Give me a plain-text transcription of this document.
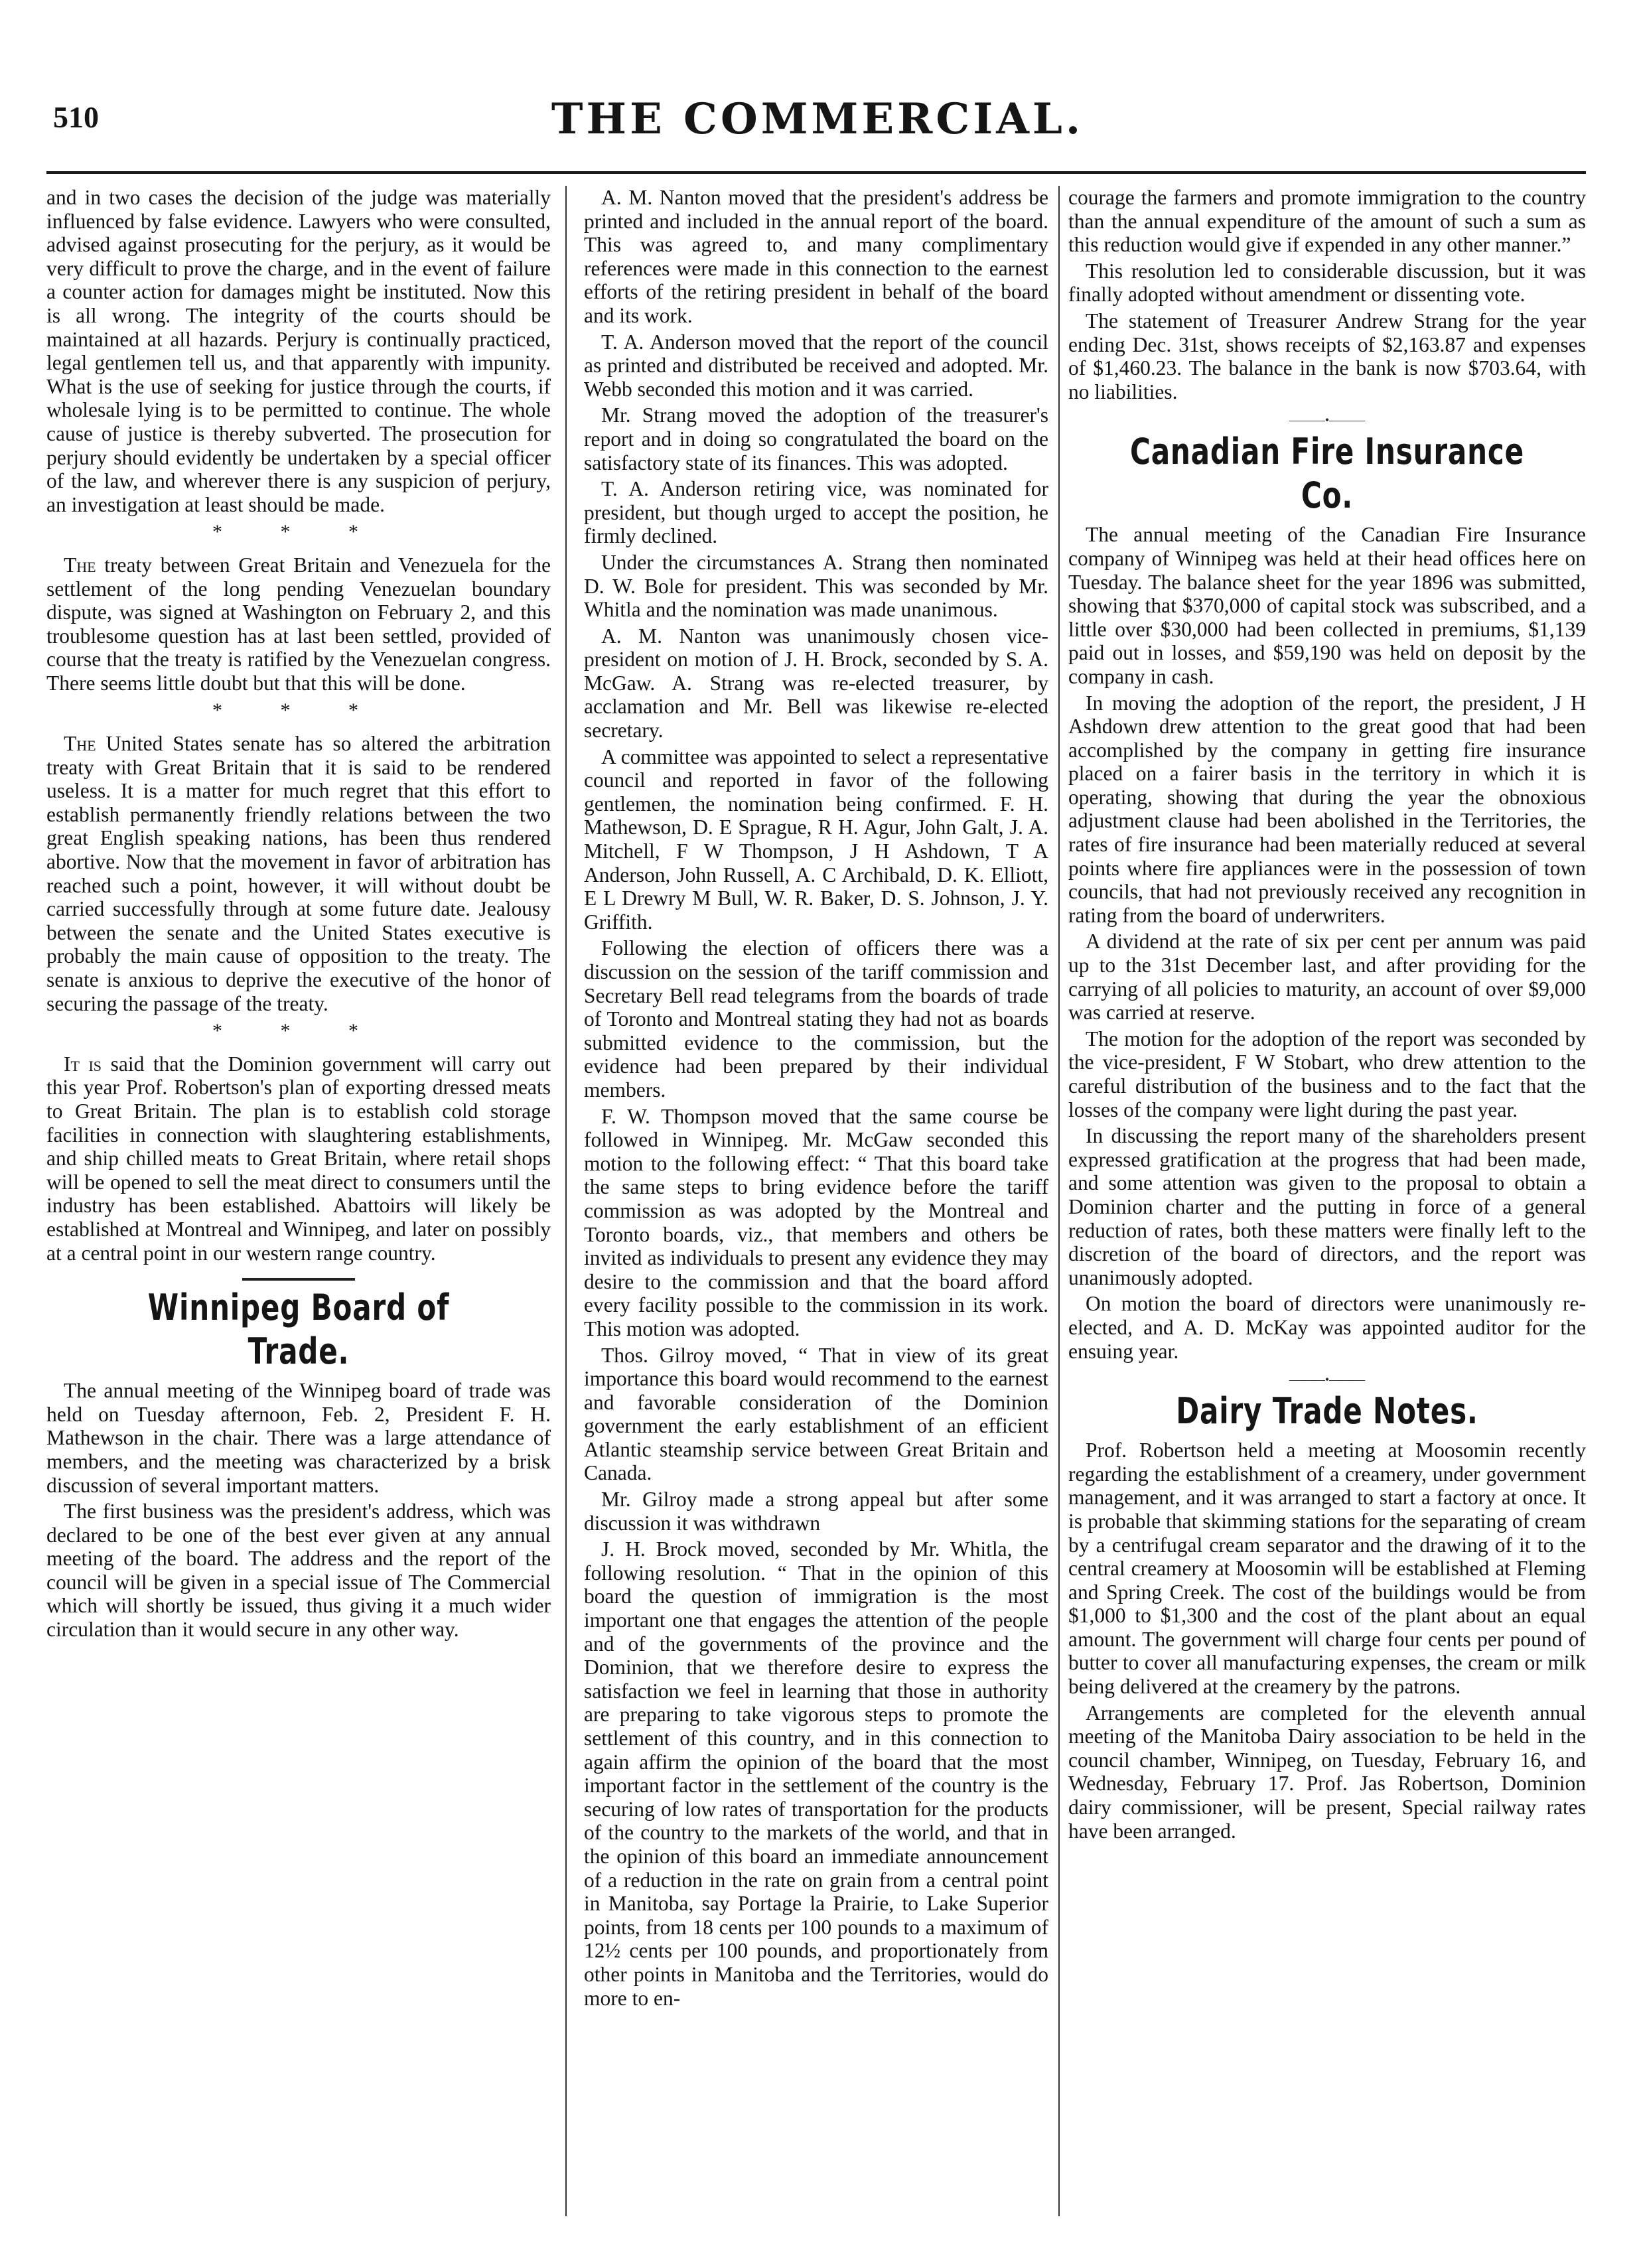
510	THE COMMERCIAL.

and in two cases the decision of the judge was materially influenced by false evidence. Lawyers who were consulted, advised against prosecuting for the perjury, as it would be very difficult to prove the charge, and in the event of failure a counter action for damages might be instituted. Now this is all wrong. The integrity of the courts should be maintained at all hazards. Perjury is continually practiced, legal gentlemen tell us, and that apparently with impunity. What is the use of seeking for justice through the courts, if wholesale lying is to be permitted to continue. The whole cause of justice is thereby subverted. The prosecution for perjury should evidently be undertaken by a special officer of the law, and wherever there is any suspicion of perjury, an investigation at least should be made.

* * *

The treaty between Great Britain and Venezuela for the settlement of the long pending Venezuelan boundary dispute, was signed at Washington on February 2, and this troublesome question has at last been settled, provided of course that the treaty is ratified by the Venezuelan congress. There seems little doubt but that this will be done.

* * *

The United States senate has so altered the arbitration treaty with Great Britain that it is said to be rendered useless. It is a matter for much regret that this effort to establish permanently friendly relations between the two great English speaking nations, has been thus rendered abortive. Now that the movement in favor of arbitration has reached such a point, however, it will without doubt be carried successfully through at some future date. Jealousy between the senate and the United States executive is probably the main cause of opposition to the treaty. The senate is anxious to deprive the executive of the honor of securing the passage of the treaty.

* * *

It is said that the Dominion government will carry out this year Prof. Robertson's plan of exporting dressed meats to Great Britain. The plan is to establish cold storage facilities in connection with slaughtering establishments, and ship chilled meats to Great Britain, where retail shops will be opened to sell the meat direct to consumers until the industry has been established. Abattoirs will likely be established at Montreal and Winnipeg, and later on possibly at a central point in our western range country.

Winnipeg Board of Trade.

The annual meeting of the Winnipeg board of trade was held on Tuesday afternoon, Feb. 2, President F. H. Mathewson in the chair. There was a large attendance of members, and the meeting was characterized by a brisk discussion of several important matters.

The first business was the president's address, which was declared to be one of the best ever given at any annual meeting of the board. The address and the report of the council will be given in a special issue of The Commercial which will shortly be issued, thus giving it a much wider circulation than it would secure in any other way.

A. M. Nanton moved that the president's address be printed and included in the annual report of the board. This was agreed to, and many complimentary references were made in this connection to the earnest efforts of the retiring president in behalf of the board and its work.

T. A. Anderson moved that the report of the council as printed and distributed be received and adopted. Mr. Webb seconded this motion and it was carried.

Mr. Strang moved the adoption of the treasurer's report and in doing so congratulated the board on the satisfactory state of its finances. This was adopted.

T. A. Anderson retiring vice, was nominated for president, but though urged to accept the position, he firmly declined.

Under the circumstances A. Strang then nominated D. W. Bole for president. This was seconded by Mr. Whitla and the nomination was made unanimous.

A. M. Nanton was unanimously chosen vice-president on motion of J. H. Brock, seconded by S. A. McGaw. A. Strang was re-elected treasurer, by acclamation and Mr. Bell was likewise re-elected secretary.

A committee was appointed to select a representative council and reported in favor of the following gentlemen, the nomination being confirmed. F. H. Mathewson, D. E Sprague, R H. Agur, John Galt, J. A. Mitchell, F W Thompson, J H Ashdown, T A Anderson, John Russell, A. C Archibald, D. K. Elliott, E L Drewry M Bull, W. R. Baker, D. S. Johnson, J. Y. Griffith.

Following the election of officers there was a discussion on the session of the tariff commission and Secretary Bell read telegrams from the boards of trade of Toronto and Montreal stating they had not as boards submitted evidence to the commission, but the evidence had been prepared by their individual members.

F. W. Thompson moved that the same course be followed in Winnipeg. Mr. McGaw seconded this motion to the following effect: “ That this board take the same steps to bring evidence before the tariff commission as was adopted by the Montreal and Toronto boards, viz., that members and others be invited as individuals to present any evidence they may desire to the commission and that the board afford every facility possible to the commission in its work. This motion was adopted.

Thos. Gilroy moved, “ That in view of its great importance this board would recommend to the earnest and favorable consideration of the Dominion government the early establishment of an efficient Atlantic steamship service between Great Britain and Canada.

Mr. Gilroy made a strong appeal but after some discussion it was withdrawn

J. H. Brock moved, seconded by Mr. Whitla, the following resolution. “ That in the opinion of this board the question of immigration is the most important one that engages the attention of the people and of the governments of the province and the Dominion, that we therefore desire to express the satisfaction we feel in learning that those in authority are preparing to take vigorous steps to promote the settlement of this country, and in this connection to again affirm the opinion of the board that the most important factor in the settlement of the country is the securing of low rates of transportation for the products of the country to the markets of the world, and that in the opinion of this board an immediate announcement of a reduction in the rate on grain from a central point in Manitoba, say Portage la Prairie, to Lake Superior points, from 18 cents per 100 pounds to a maximum of 12½ cents per 100 pounds, and proportionately from other points in Manitoba and the Territories, would do more to en-

courage the farmers and promote immigration to the country than the annual expenditure of the amount of such a sum as this reduction would give if expended in any other manner.”

This resolution led to considerable discussion, but it was finally adopted without amendment or dissenting vote.

The statement of Treasurer Andrew Strang for the year ending Dec. 31st, shows receipts of $2,163.87 and expenses of $1,460.23. The balance in the bank is now $703.64, with no liabilities.

———•———
Canadian Fire Insurance Co.

The annual meeting of the Canadian Fire Insurance company of Winnipeg was held at their head offices here on Tuesday. The balance sheet for the year 1896 was submitted, showing that $370,000 of capital stock was subscribed, and a little over $30,000 had been collected in premiums, $1,139 paid out in losses, and $59,190 was held on deposit by the company in cash.

In moving the adoption of the report, the president, J H Ashdown drew attention to the great good that had been accomplished by the company in getting fire insurance placed on a fairer basis in the territory in which it is operating, showing that during the year the obnoxious adjustment clause had been abolished in the Territories, the rates of fire insurance had been materially reduced at several points where fire appliances were in the possession of town councils, that had not previously received any recognition in rating from the board of underwriters.

A dividend at the rate of six per cent per annum was paid up to the 31st December last, and after providing for the carrying of all policies to maturity, an account of over $9,000 was carried at reserve.

The motion for the adoption of the report was seconded by the vice-president, F W Stobart, who drew attention to the careful distribution of the business and to the fact that the losses of the company were light during the past year.

In discussing the report many of the shareholders present expressed gratification at the progress that had been made, and some attention was given to the proposal to obtain a Dominion charter and the putting in force of a general reduction of rates, both these matters were finally left to the discretion of the board of directors, and the report was unanimously adopted.

On motion the board of directors were unanimously re-elected, and A. D. McKay was appointed auditor for the ensuing year.

———•———
Dairy Trade Notes.

Prof. Robertson held a meeting at Moosomin recently regarding the establishment of a creamery, under government management, and it was arranged to start a factory at once. It is probable that skimming stations for the separating of cream by a centrifugal cream separator and the drawing of it to the central creamery at Moosomin will be established at Fleming and Spring Creek. The cost of the buildings would be from $1,000 to $1,300 and the cost of the plant about an equal amount. The government will charge four cents per pound of butter to cover all manufacturing expenses, the cream or milk being delivered at the creamery by the patrons.

Arrangements are completed for the eleventh annual meeting of the Manitoba Dairy association to be held in the council chamber, Winnipeg, on Tuesday, February 16, and Wednesday, February 17. Prof. Jas Robertson, Dominion dairy commissioner, will be present, Special railway rates have been arranged.
